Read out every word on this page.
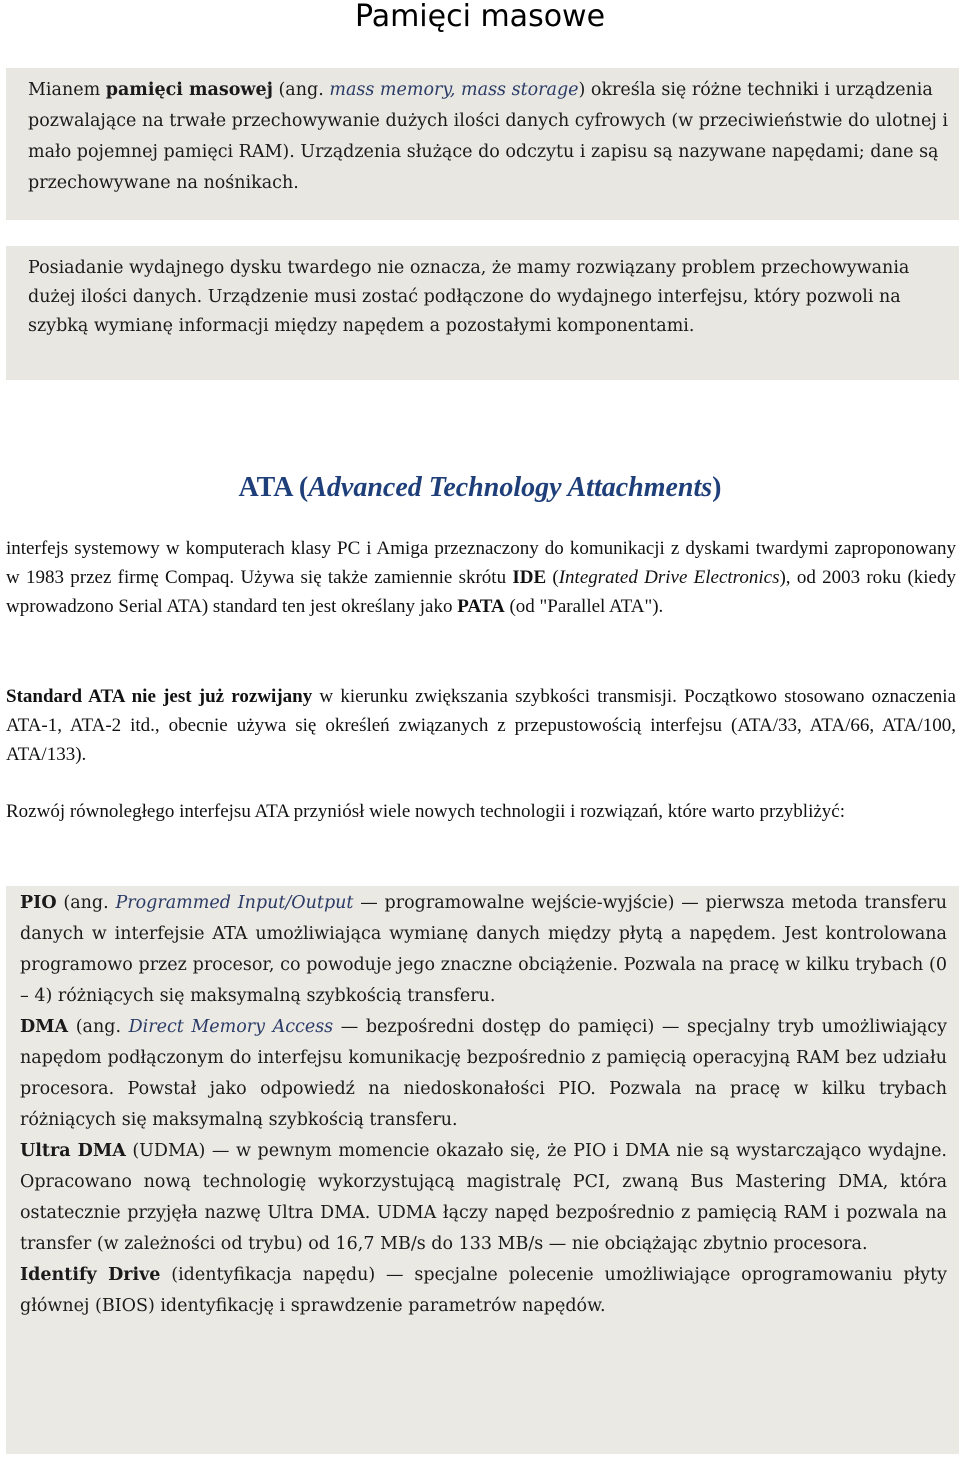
Pamięci masowe

Mianem pamięci masowej (ang. mass memory, mass storage) określa się różne techniki i urządzenia pozwalające na trwałe przechowywanie dużych ilości danych cyfrowych (w przeciwieństwie do ulotnej i mało pojemnej pamięci RAM). Urządzenia służące do odczytu i zapisu są nazywane napędami; dane są przechowywane na nośnikach.

Posiadanie wydajnego dysku twardego nie oznacza, że mamy rozwiązany problem przechowywania dużej ilości danych. Urządzenie musi zostać podłączone do wydajnego interfejsu, który pozwoli na szybką wymianę informacji między napędem a pozostałymi komponentami.

ATA (Advanced Technology Attachments)

interfejs systemowy w komputerach klasy PC i Amiga przeznaczony do komunikacji z dyskami twardymi zaproponowany w 1983 przez firmę Compaq. Używa się także zamiennie skrótu IDE (Integrated Drive Electronics), od 2003 roku (kiedy wprowadzono Serial ATA) standard ten jest określany jako PATA (od "Parallel ATA").

Standard ATA nie jest już rozwijany w kierunku zwiększania szybkości transmisji. Początkowo stosowano oznaczenia ATA-1, ATA-2 itd., obecnie używa się określeń związanych z przepustowością interfejsu (ATA/33, ATA/66, ATA/100, ATA/133).

Rozwój równoległego interfejsu ATA przyniósł wiele nowych technologii i rozwiązań, które warto przybliżyć:

PIO (ang. Programmed Input/Output — programowalne wejście-wyjście) — pierwsza metoda transferu danych w interfejsie ATA umożliwiająca wymianę danych między płytą a napędem. Jest kontrolowana programowo przez procesor, co powoduje jego znaczne obciążenie. Pozwala na pracę w kilku trybach (0 – 4) różniących się maksymalną szybkością transferu.

DMA (ang. Direct Memory Access — bezpośredni dostęp do pamięci) — specjalny tryb umożliwiający napędom podłączonym do interfejsu komunikację bezpośrednio z pamięcią operacyjną RAM bez udziału procesora. Powstał jako odpowiedź na niedoskonałości PIO. Pozwala na pracę w kilku trybach różniących się maksymalną szybkością transferu.

Ultra DMA (UDMA) — w pewnym momencie okazało się, że PIO i DMA nie są wystarczająco wydajne. Opracowano nową technologię wykorzystującą magistralę PCI, zwaną Bus Mastering DMA, która ostatecznie przyjęła nazwę Ultra DMA. UDMA łączy napęd bezpośrednio z pamięcią RAM i pozwala na transfer (w zależności od trybu) od 16,7 MB/s do 133 MB/s — nie obciążając zbytnio procesora.

Identify Drive (identyfikacja napędu) — specjalne polecenie umożliwiające oprogramowaniu płyty głównej (BIOS) identyfikację i sprawdzenie parametrów napędów.
